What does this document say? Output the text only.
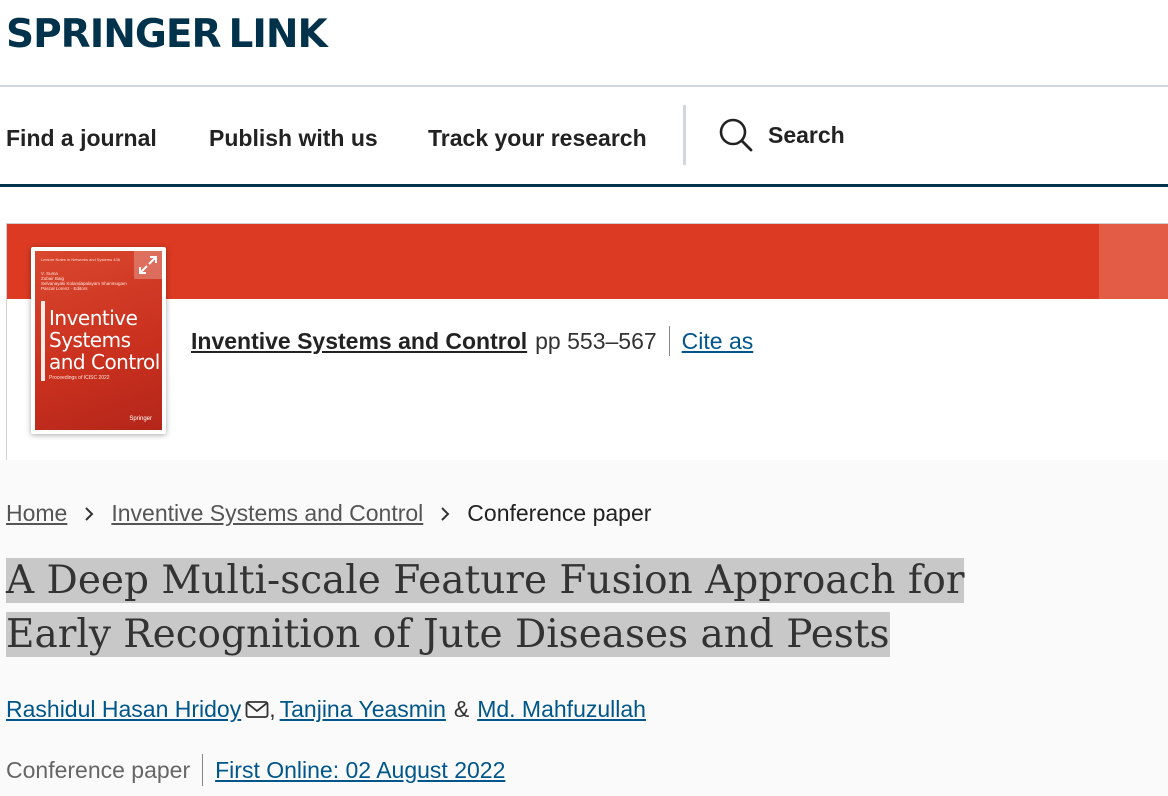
SPRINGER LINK
Find a journal Publish with us Track your research	Search
Lecture Notes in Networks and Systems 436
V. Suma
Zubair Baig
Selvanayaki Kolandapalayam Shanmugam
Pascal Lorenz · Editors
Inventive
Systems
and Control
Proceedings of ICISC 2022
Springer
Inventive Systems and Control pp 553–567 Cite as
Home Inventive Systems and Control Conference paper
A Deep Multi-scale Feature Fusion Approach for
Early Recognition of Jute Diseases and Pests
Rashidul Hasan Hridoy , Tanjina Yeasmin & Md. Mahfuzullah
Conference paper First Online: 02 August 2022
